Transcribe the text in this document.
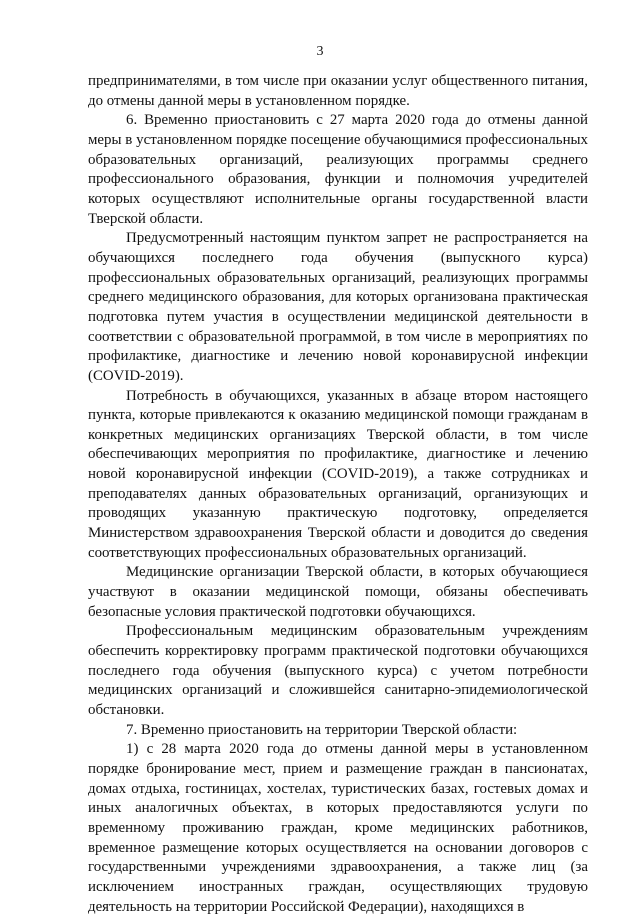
3

предпринимателями, в том числе при оказании услуг общественного питания, до отмены данной меры в установленном порядке.

6. Временно приостановить с 27 марта 2020 года до отмены данной меры в установленном порядке посещение обучающимися профессиональных образовательных организаций, реализующих программы среднего профессионального образования, функции и полномочия учредителей которых осуществляют исполнительные органы государственной власти Тверской области.

Предусмотренный настоящим пунктом запрет не распространяется на обучающихся последнего года обучения (выпускного курса) профессиональных образовательных организаций, реализующих программы среднего медицинского образования, для которых организована практическая подготовка путем участия в осуществлении медицинской деятельности в соответствии с образовательной программой, в том числе в мероприятиях по профилактике, диагностике и лечению новой коронавирусной инфекции (COVID-2019).

Потребность в обучающихся, указанных в абзаце втором настоящего пункта, которые привлекаются к оказанию медицинской помощи гражданам в конкретных медицинских организациях Тверской области, в том числе обеспечивающих мероприятия по профилактике, диагностике и лечению новой коронавирусной инфекции (COVID-2019), а также сотрудниках и преподавателях данных образовательных организаций, организующих и проводящих указанную практическую подготовку, определяется Министерством здравоохранения Тверской области и доводится до сведения соответствующих профессиональных образовательных организаций.

Медицинские организации Тверской области, в которых обучающиеся участвуют в оказании медицинской помощи, обязаны обеспечивать безопасные условия практической подготовки обучающихся.

Профессиональным медицинским образовательным учреждениям обеспечить корректировку программ практической подготовки обучающихся последнего года обучения (выпускного курса) с учетом потребности медицинских организаций и сложившейся санитарно-эпидемиологической обстановки.

7. Временно приостановить на территории Тверской области:

1) с 28 марта 2020 года до отмены данной меры в установленном порядке бронирование мест, прием и размещение граждан в пансионатах, домах отдыха, гостиницах, хостелах, туристических базах, гостевых домах и иных аналогичных объектах, в которых предоставляются услуги по временному проживанию граждан, кроме медицинских работников, временное размещение которых осуществляется на основании договоров с государственными учреждениями здравоохранения, а также лиц (за исключением иностранных граждан, осуществляющих трудовую деятельность на территории Российской Федерации), находящихся в
